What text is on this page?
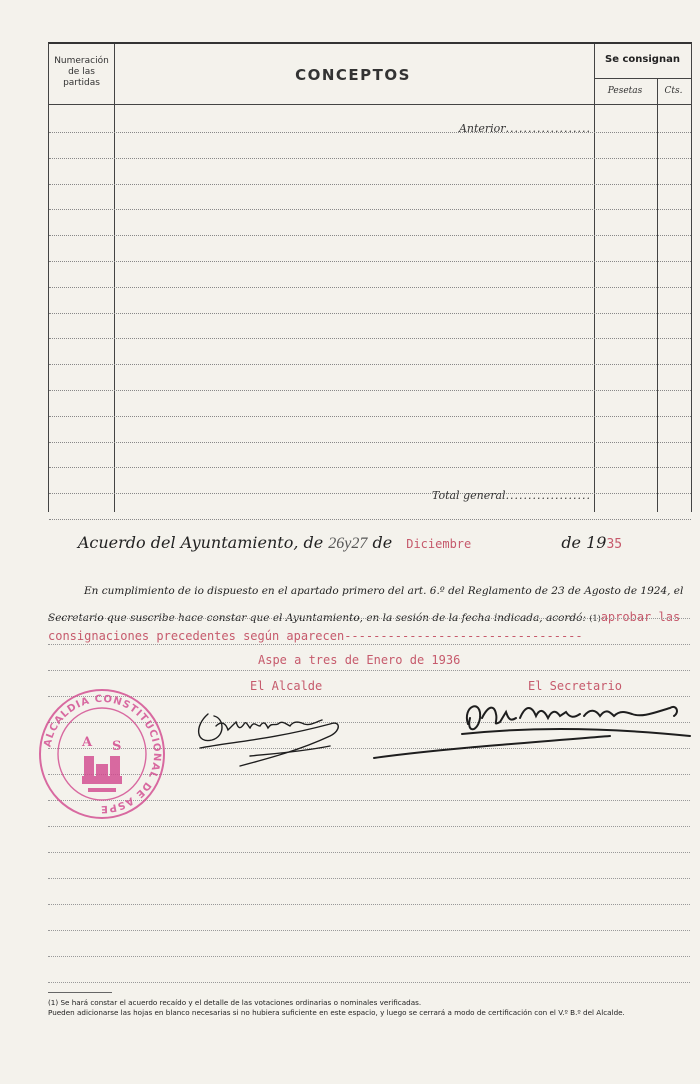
Numeración de las partidas	CONCEPTOS
Se consignan
Pesetas	Cts.
Anterior...................
Total general...................
Acuerdo del Ayuntamiento, de 26y27 de Diciembre	de 1935
En cumplimiento de io dispuesto en el apartado primero del art. 6.º del Reglamento de 23 de Agosto de 1924, el
Secretario que suscribe hace constar que el Ayuntamiento, en la sesión de la fecha indicada, acordó: (1)aprobar las
consignaciones precedentes según aparecen---------------------------------
Aspe a tres de Enero de 1936
El Alcalde	El Secretario
ALCALDIA CONSTITUCIONAL DE ASPE
A S
(1) Se hará constar el acuerdo recaído y el detalle de las votaciones ordinarias o nominales verificadas.
Pueden adicionarse las hojas en blanco necesarias si no hubiera suficiente en este espacio, y luego se cerrará a modo de certificación con el V.º B.º del Alcalde.
